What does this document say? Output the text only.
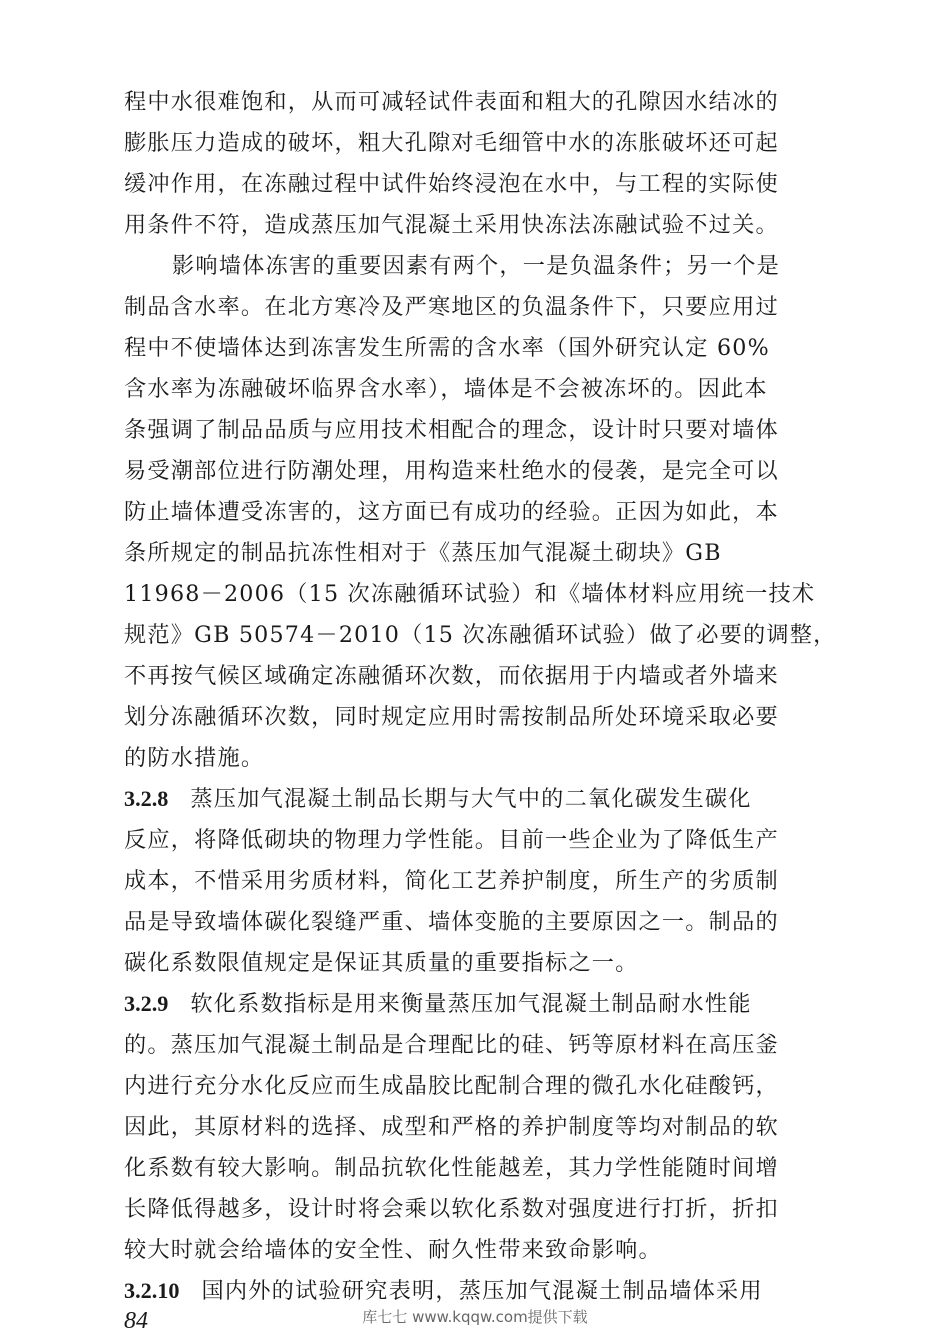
程中水很难饱和，从而可减轻试件表面和粗大的孔隙因水结冰的
膨胀压力造成的破坏，粗大孔隙对毛细管中水的冻胀破坏还可起
缓冲作用，在冻融过程中试件始终浸泡在水中，与工程的实际使
用条件不符，造成蒸压加气混凝土采用快冻法冻融试验不过关。
影响墙体冻害的重要因素有两个，一是负温条件；另一个是
制品含水率。在北方寒冷及严寒地区的负温条件下，只要应用过
程中不使墙体达到冻害发生所需的含水率（国外研究认定 60%
含水率为冻融破坏临界含水率），墙体是不会被冻坏的。因此本
条强调了制品品质与应用技术相配合的理念，设计时只要对墙体
易受潮部位进行防潮处理，用构造来杜绝水的侵袭，是完全可以
防止墙体遭受冻害的，这方面已有成功的经验。正因为如此，本
条所规定的制品抗冻性相对于《蒸压加气混凝土砌块》GB
11968－2006（15 次冻融循环试验）和《墙体材料应用统一技术
规范》GB 50574－2010（15 次冻融循环试验）做了必要的调整，
不再按气候区域确定冻融循环次数，而依据用于内墙或者外墙来
划分冻融循环次数，同时规定应用时需按制品所处环境采取必要
的防水措施。
3.2.8 蒸压加气混凝土制品长期与大气中的二氧化碳发生碳化
反应，将降低砌块的物理力学性能。目前一些企业为了降低生产
成本，不惜采用劣质材料，简化工艺养护制度，所生产的劣质制
品是导致墙体碳化裂缝严重、墙体变脆的主要原因之一。制品的
碳化系数限值规定是保证其质量的重要指标之一。
3.2.9 软化系数指标是用来衡量蒸压加气混凝土制品耐水性能
的。蒸压加气混凝土制品是合理配比的硅、钙等原材料在高压釜
内进行充分水化反应而生成晶胶比配制合理的微孔水化硅酸钙，
因此，其原材料的选择、成型和严格的养护制度等均对制品的软
化系数有较大影响。制品抗软化性能越差，其力学性能随时间增
长降低得越多，设计时将会乘以软化系数对强度进行打折，折扣
较大时就会给墙体的安全性、耐久性带来致命影响。
3.2.10 国内外的试验研究表明，蒸压加气混凝土制品墙体采用
84	库七七 www.kqqw.com提供下载
